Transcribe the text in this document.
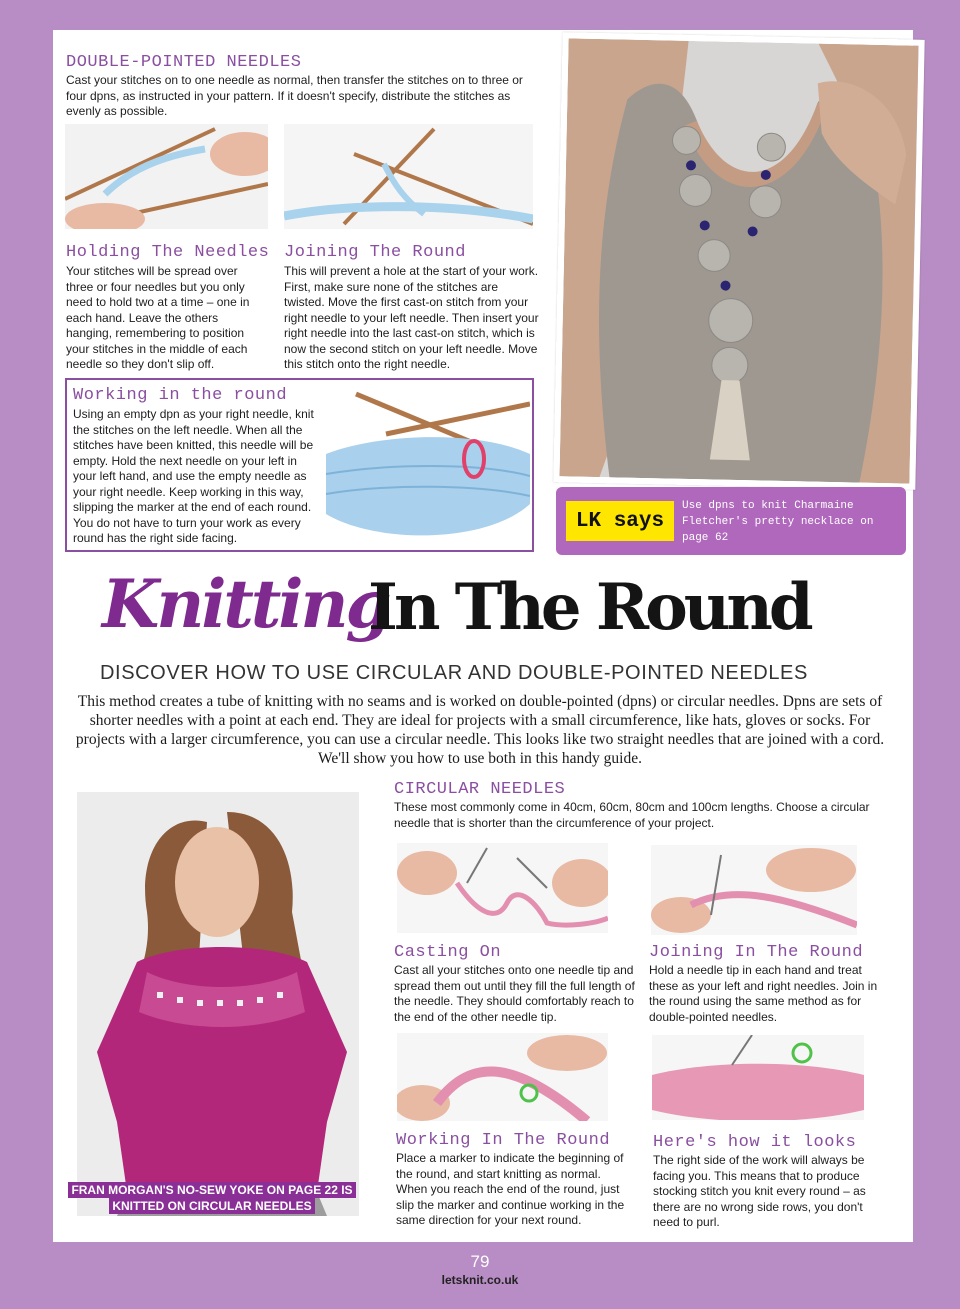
DOUBLE-POINTED NEEDLES
Cast your stitches on to one needle as normal, then transfer the stitches on to three or four dpns, as instructed in your pattern. If it doesn't specify, distribute the stitches as evenly as possible.
Holding The Needles
Your stitches will be spread over three or four needles but you only need to hold two at a time – one in each hand. Leave the others hanging, remembering to position your stitches in the middle of each needle so they don't slip off.
Joining The Round
This will prevent a hole at the start of your work. First, make sure none of the stitches are twisted. Move the first cast-on stitch from your right needle to your left needle. Then insert your right needle into the last cast-on stitch, which is now the second stitch on your left needle. Move this stitch onto the right needle.
Working in the round
Using an empty dpn as your right needle, knit the stitches on the left needle. When all the stitches have been knitted, this needle will be empty. Hold the next needle on your left in your left hand, and use the empty needle as your right needle. Keep working in this way, slipping the marker at the end of each round. You do not have to turn your work as every round has the right side facing.
LK says
Use dpns to knit Charmaine Fletcher's pretty necklace on page 62
Knitting
In The Round
DISCOVER HOW TO USE CIRCULAR AND DOUBLE-POINTED NEEDLES
This method creates a tube of knitting with no seams and is worked on double-pointed (dpns) or circular needles. Dpns are sets of shorter needles with a point at each end. They are ideal for projects with a small circumference, like hats, gloves or socks. For projects with a larger circumference, you can use a circular needle. This looks like two straight needles that are joined with a cord. We'll show you how to use both in this handy guide.
FRAN MORGAN'S NO-SEW YOKE ON PAGE 22 IS KNITTED ON CIRCULAR NEEDLES
CIRCULAR NEEDLES
These most commonly come in 40cm, 60cm, 80cm and 100cm lengths. Choose a circular needle that is shorter than the circumference of your project.
Casting On
Cast all your stitches onto one needle tip and spread them out until they fill the full length of the needle. They should comfortably reach to the end of the other needle tip.
Joining In The Round
Hold a needle tip in each hand and treat these as your left and right needles. Join in the round using the same method as for double-pointed needles.
Working In The Round
Place a marker to indicate the beginning of the round, and start knitting as normal. When you reach the end of the round, just slip the marker and continue working in the same direction for your next round.
Here's how it looks
The right side of the work will always be facing you. This means that to produce stocking stitch you knit every round – as there are no wrong side rows, you don't need to purl.
79
letsknit.co.uk
